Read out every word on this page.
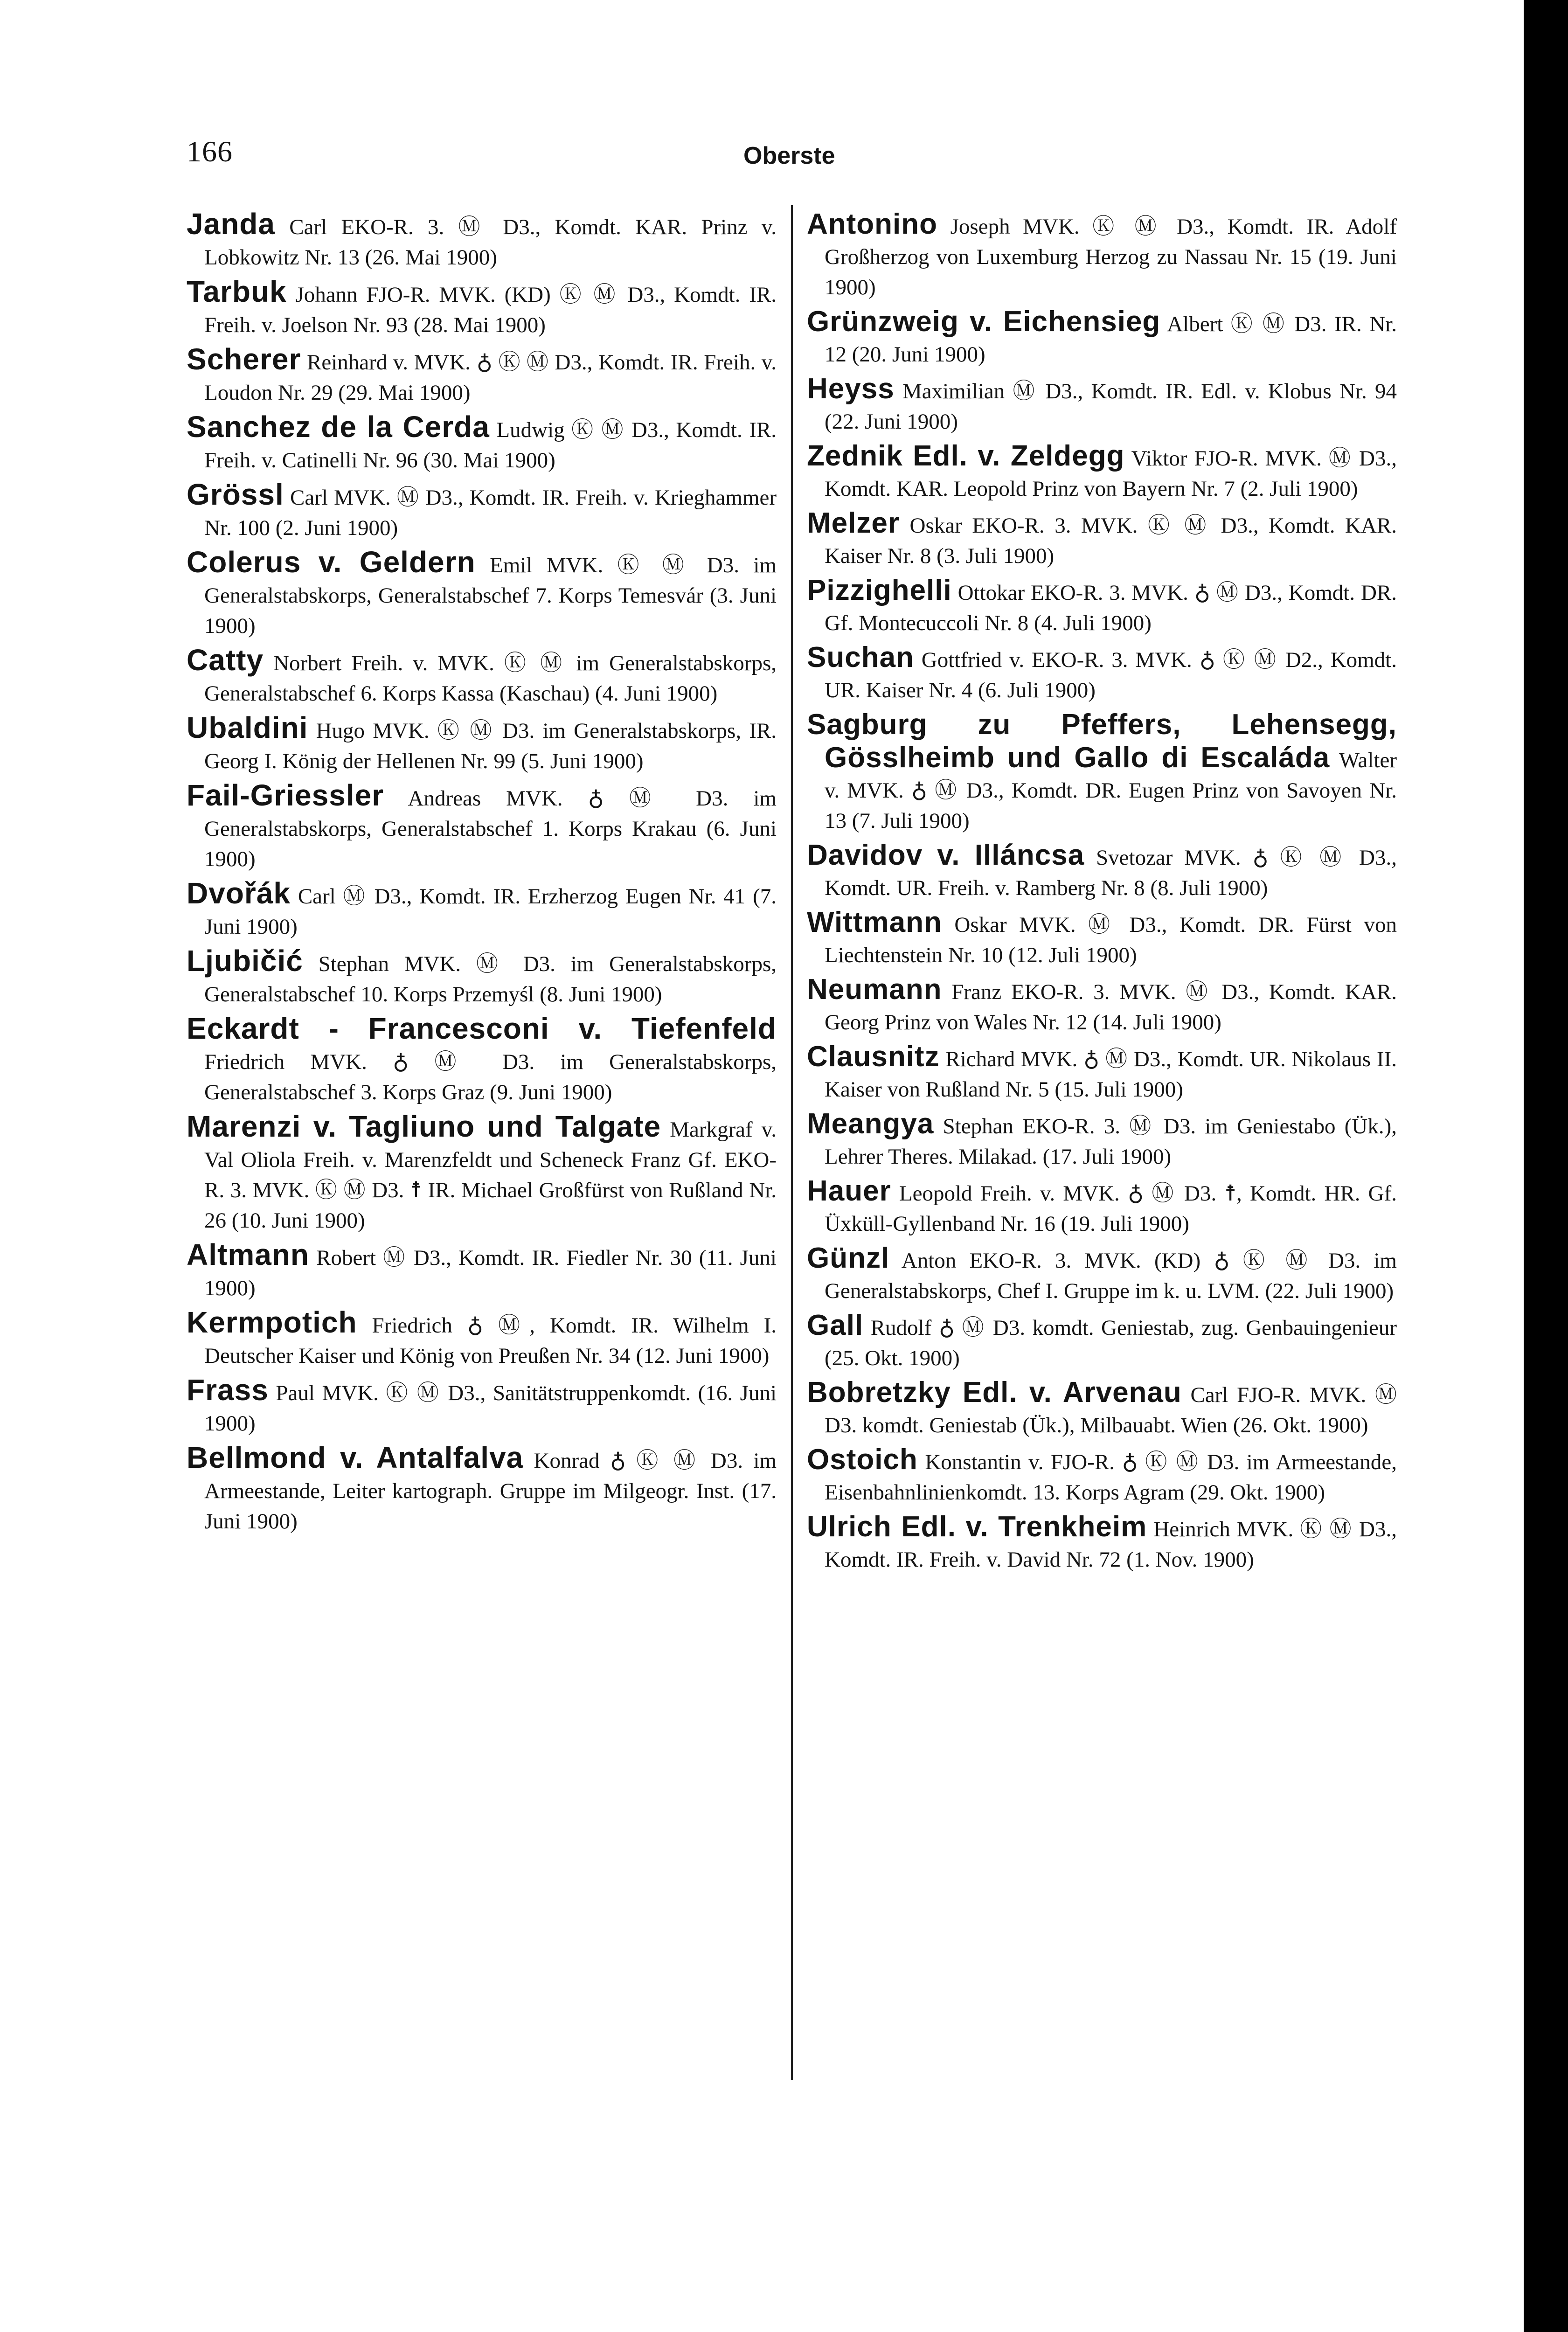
166	Oberste

Janda Carl EKO-R. 3. Ⓜ D3., Komdt. KAR. Prinz v. Lobkowitz Nr. 13 (26. Mai 1900)

Tarbuk Johann FJO-R. MVK. (KD) Ⓚ Ⓜ D3., Komdt. IR. Freih. v. Joelson Nr. 93 (28. Mai 1900)

Scherer Reinhard v. MVK. ♁ Ⓚ Ⓜ D3., Komdt. IR. Freih. v. Loudon Nr. 29 (29. Mai 1900)

Sanchez de la Cerda Ludwig Ⓚ Ⓜ D3., Komdt. IR. Freih. v. Catinelli Nr. 96 (30. Mai 1900)

Grössl Carl MVK. Ⓜ D3., Komdt. IR. Freih. v. Krieghammer Nr. 100 (2. Juni 1900)

Colerus v. Geldern Emil MVK. Ⓚ Ⓜ D3. im Generalstabskorps, Generalstabschef 7. Korps Temesvár (3. Juni 1900)

Catty Norbert Freih. v. MVK. Ⓚ Ⓜ im Generalstabskorps, Generalstabschef 6. Korps Kassa (Kaschau) (4. Juni 1900)

Ubaldini Hugo MVK. Ⓚ Ⓜ D3. im Generalstabskorps, IR. Georg I. König der Hellenen Nr. 99 (5. Juni 1900)

Fail-Griessler Andreas MVK. ♁ Ⓜ D3. im Generalstabskorps, Generalstabschef 1. Korps Krakau (6. Juni 1900)

Dvořák Carl Ⓜ D3., Komdt. IR. Erzherzog Eugen Nr. 41 (7. Juni 1900)

Ljubičić Stephan MVK. Ⓜ D3. im Generalstabskorps, Generalstabschef 10. Korps Przemyśl (8. Juni 1900)

Eckardt - Francesconi v. Tiefenfeld Friedrich MVK. ♁ Ⓜ D3. im Generalstabskorps, Generalstabschef 3. Korps Graz (9. Juni 1900)

Marenzi v. Tagliuno und Talgate Markgraf v. Val Oliola Freih. v. Marenzfeldt und Scheneck Franz Gf. EKO-R. 3. MVK. Ⓚ Ⓜ D3. ☨ IR. Michael Großfürst von Rußland Nr. 26 (10. Juni 1900)

Altmann Robert Ⓜ D3., Komdt. IR. Fiedler Nr. 30 (11. Juni 1900)

Kermpotich Friedrich ♁ Ⓜ, Komdt. IR. Wilhelm I. Deutscher Kaiser und König von Preußen Nr. 34 (12. Juni 1900)

Frass Paul MVK. Ⓚ Ⓜ D3., Sanitätstruppenkomdt. (16. Juni 1900)

Bellmond v. Antalfalva Konrad ♁ Ⓚ Ⓜ D3. im Armeestande, Leiter kartograph. Gruppe im Milgeogr. Inst. (17. Juni 1900)

Antonino Joseph MVK. Ⓚ Ⓜ D3., Komdt. IR. Adolf Großherzog von Luxemburg Herzog zu Nassau Nr. 15 (19. Juni 1900)

Grünzweig v. Eichensieg Albert Ⓚ Ⓜ D3. IR. Nr. 12 (20. Juni 1900)

Heyss Maximilian Ⓜ D3., Komdt. IR. Edl. v. Klobus Nr. 94 (22. Juni 1900)

Zednik Edl. v. Zeldegg Viktor FJO-R. MVK. Ⓜ D3., Komdt. KAR. Leopold Prinz von Bayern Nr. 7 (2. Juli 1900)

Melzer Oskar EKO-R. 3. MVK. Ⓚ Ⓜ D3., Komdt. KAR. Kaiser Nr. 8 (3. Juli 1900)

Pizzighelli Ottokar EKO-R. 3. MVK. ♁ Ⓜ D3., Komdt. DR. Gf. Montecuccoli Nr. 8 (4. Juli 1900)

Suchan Gottfried v. EKO-R. 3. MVK. ♁ Ⓚ Ⓜ D2., Komdt. UR. Kaiser Nr. 4 (6. Juli 1900)

Sagburg zu Pfeffers, Lehensegg, Gösslheimb und Gallo di Escaláda Walter v. MVK. ♁ Ⓜ D3., Komdt. DR. Eugen Prinz von Savoyen Nr. 13 (7. Juli 1900)

Davidov v. Illáncsa Svetozar MVK. ♁ Ⓚ Ⓜ D3., Komdt. UR. Freih. v. Ramberg Nr. 8 (8. Juli 1900)

Wittmann Oskar MVK. Ⓜ D3., Komdt. DR. Fürst von Liechtenstein Nr. 10 (12. Juli 1900)

Neumann Franz EKO-R. 3. MVK. Ⓜ D3., Komdt. KAR. Georg Prinz von Wales Nr. 12 (14. Juli 1900)

Clausnitz Richard MVK. ♁ Ⓜ D3., Komdt. UR. Nikolaus II. Kaiser von Rußland Nr. 5 (15. Juli 1900)

Meangya Stephan EKO-R. 3. Ⓜ D3. im Geniestabo (Ük.), Lehrer Theres. Milakad. (17. Juli 1900)

Hauer Leopold Freih. v. MVK. ♁ Ⓜ D3. ☨, Komdt. HR. Gf. Üxküll-Gyllenband Nr. 16 (19. Juli 1900)

Günzl Anton EKO-R. 3. MVK. (KD) ♁ Ⓚ Ⓜ D3. im Generalstabskorps, Chef I. Gruppe im k. u. LVM. (22. Juli 1900)

Gall Rudolf ♁ Ⓜ D3. komdt. Geniestab, zug. Genbauingenieur (25. Okt. 1900)

Bobretzky Edl. v. Arvenau Carl FJO-R. MVK. Ⓜ D3. komdt. Geniestab (Ük.), Milbauabt. Wien (26. Okt. 1900)

Ostoich Konstantin v. FJO-R. ♁ Ⓚ Ⓜ D3. im Armeestande, Eisenbahnlinienkomdt. 13. Korps Agram (29. Okt. 1900)

Ulrich Edl. v. Trenkheim Heinrich MVK. Ⓚ Ⓜ D3., Komdt. IR. Freih. v. David Nr. 72 (1. Nov. 1900)
